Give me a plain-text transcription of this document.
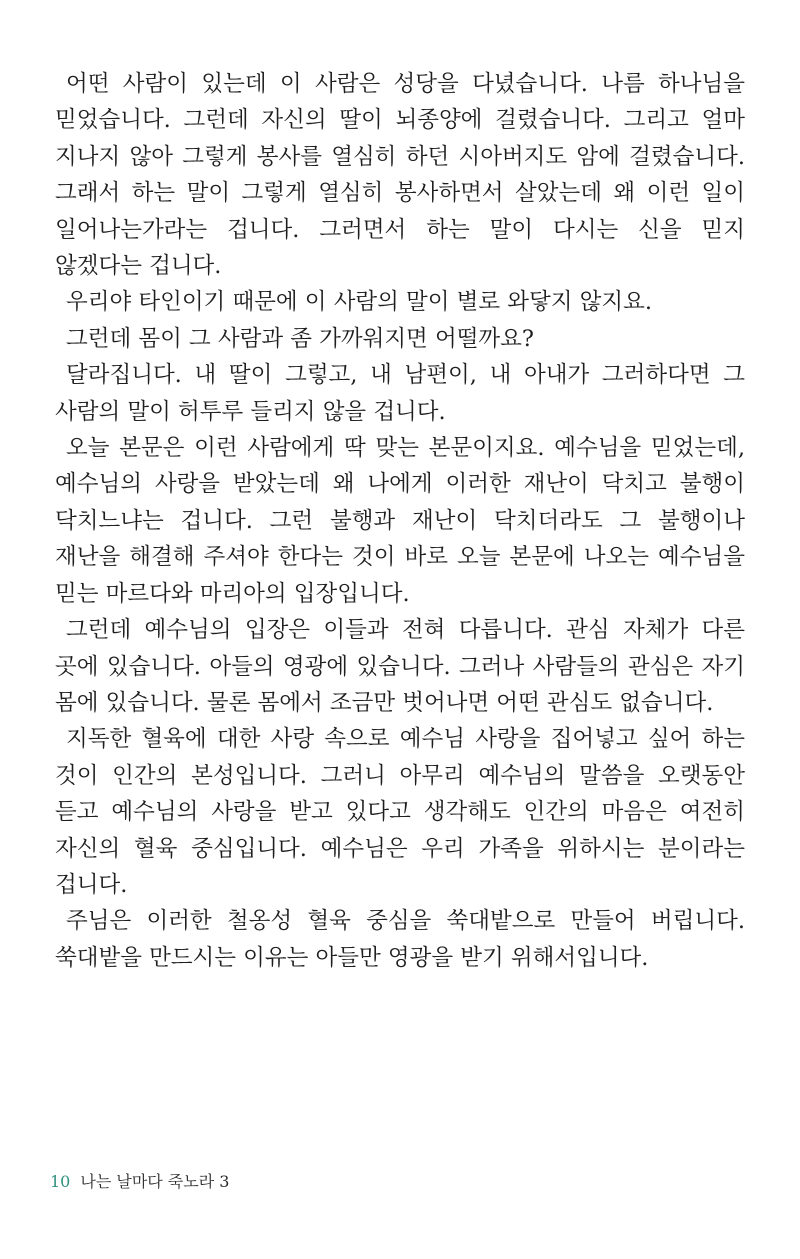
어떤 사람이 있는데 이 사람은 성당을 다녔습니다. 나름 하나님을 믿었습니다. 그런데 자신의 딸이 뇌종양에 걸렸습니다. 그리고 얼마 지나지 않아 그렇게 봉사를 열심히 하던 시아버지도 암에 걸렸습니다. 그래서 하는 말이 그렇게 열심히 봉사하면서 살았는데 왜 이런 일이 일어나는가라는 겁니다. 그러면서 하는 말이 다시는 신을 믿지 않겠다는 겁니다.

우리야 타인이기 때문에 이 사람의 말이 별로 와닿지 않지요.

그런데 몸이 그 사람과 좀 가까워지면 어떨까요?

달라집니다. 내 딸이 그렇고, 내 남편이, 내 아내가 그러하다면 그 사람의 말이 허투루 들리지 않을 겁니다.

오늘 본문은 이런 사람에게 딱 맞는 본문이지요. 예수님을 믿었는데, 예수님의 사랑을 받았는데 왜 나에게 이러한 재난이 닥치고 불행이 닥치느냐는 겁니다. 그런 불행과 재난이 닥치더라도 그 불행이나 재난을 해결해 주셔야 한다는 것이 바로 오늘 본문에 나오는 예수님을 믿는 마르다와 마리아의 입장입니다.

그런데 예수님의 입장은 이들과 전혀 다릅니다. 관심 자체가 다른 곳에 있습니다. 아들의 영광에 있습니다. 그러나 사람들의 관심은 자기 몸에 있습니다. 물론 몸에서 조금만 벗어나면 어떤 관심도 없습니다.

지독한 혈육에 대한 사랑 속으로 예수님 사랑을 집어넣고 싶어 하는 것이 인간의 본성입니다. 그러니 아무리 예수님의 말씀을 오랫동안 듣고 예수님의 사랑을 받고 있다고 생각해도 인간의 마음은 여전히 자신의 혈육 중심입니다. 예수님은 우리 가족을 위하시는 분이라는 겁니다.

주님은 이러한 철옹성 혈육 중심을 쑥대밭으로 만들어 버립니다. 쑥대밭을 만드시는 이유는 아들만 영광을 받기 위해서입니다.

10 나는 날마다 죽노라 3
